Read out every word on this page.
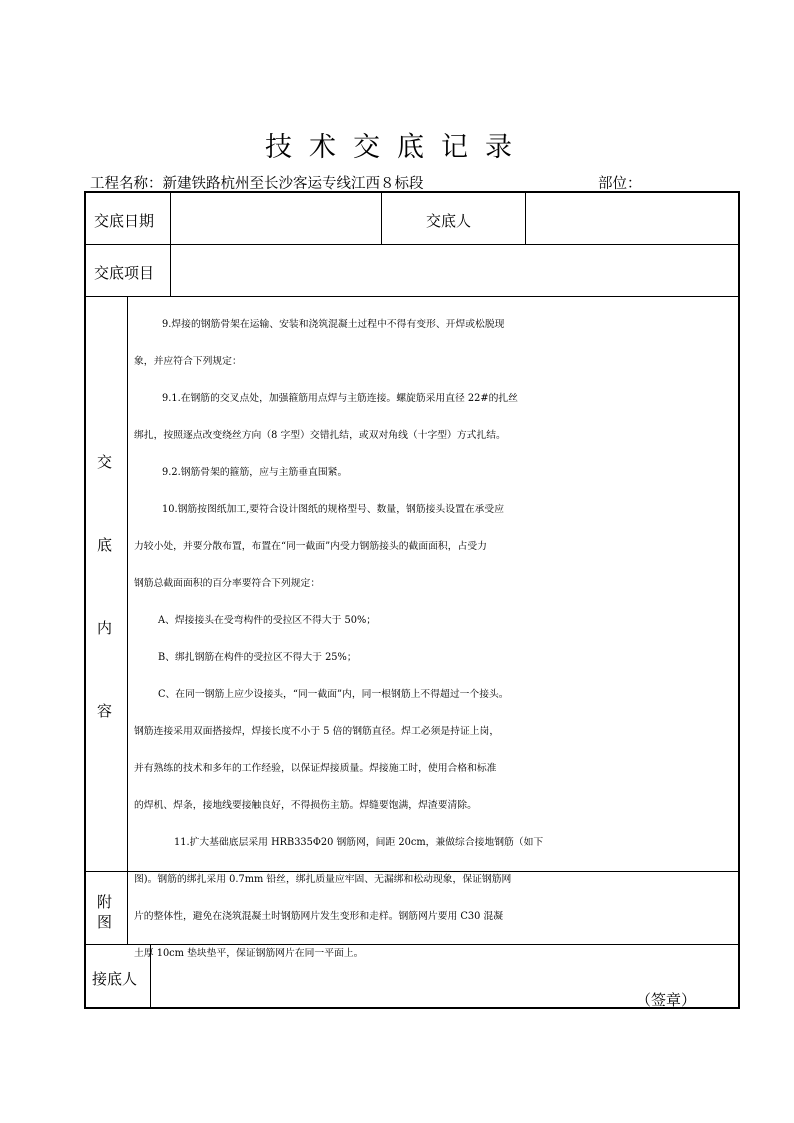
技术交底记录
工程名称：新建铁路杭州至长沙客运专线江西８标段	部位：
交底日期	交底人
交底项目
交
底
内
容
附
图
接底人
（签章）

9.焊接的钢筋骨架在运输、安装和浇筑混凝土过程中不得有变形、开焊或松脱现

象，并应符合下列规定：

9.1.在钢筋的交叉点处，加强箍筋用点焊与主筋连接。螺旋筋采用直径 22#的扎丝

绑扎，按照逐点改变绕丝方向（8 字型）交错扎结，或双对角线（十字型）方式扎结。

9.2.钢筋骨架的箍筋，应与主筋垂直围紧。

10.钢筋按图纸加工,要符合设计图纸的规格型号、数量，钢筋接头设置在承受应

力较小处，并要分散布置，布置在“同一截面”内受力钢筋接头的截面面积，占受力

钢筋总截面面积的百分率要符合下列规定：

A、焊接接头在受弯构件的受拉区不得大于 50%；

B、绑扎钢筋在构件的受拉区不得大于 25%；

C、在同一钢筋上应少设接头，“同一截面”内，同一根钢筋上不得超过一个接头。

钢筋连接采用双面搭接焊，焊接长度不小于 5 倍的钢筋直径。焊工必须是持证上岗，

并有熟练的技术和多年的工作经验，以保证焊接质量。焊接施工时，使用合格和标准

的焊机、焊条，接地线要接触良好，不得损伤主筋。焊缝要饱满，焊渣要清除。

11.扩大基础底层采用 HRB335Φ20 钢筋网，间距 20cm，兼做综合接地钢筋（如下

图)。钢筋的绑扎采用 0.7mm 铅丝，绑扎质量应牢固、无漏绑和松动现象，保证钢筋网

片的整体性，避免在浇筑混凝土时钢筋网片发生变形和走样。钢筋网片要用 C30 混凝

土厚 10cm 垫块垫平，保证钢筋网片在同一平面上。
